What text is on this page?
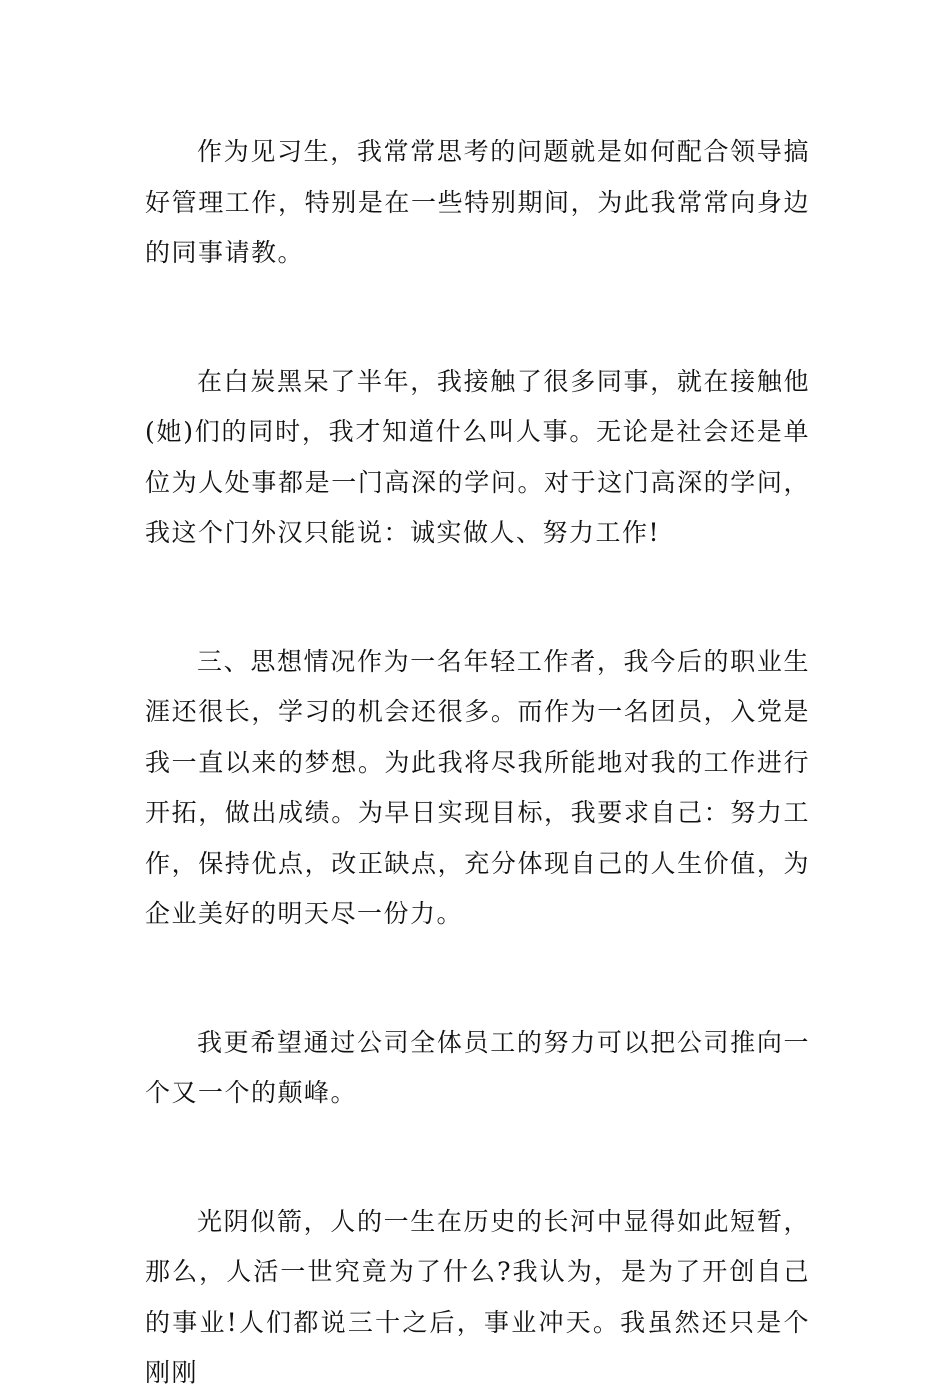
作为见习生，我常常思考的问题就是如何配合领导搞好管理工作，特别是在一些特别期间，为此我常常向身边的同事请教。

在白炭黑呆了半年，我接触了很多同事，就在接触他(她)们的同时，我才知道什么叫人事。无论是社会还是单位为人处事都是一门高深的学问。对于这门高深的学问，我这个门外汉只能说：诚实做人、努力工作!

三、思想情况作为一名年轻工作者，我今后的职业生涯还很长，学习的机会还很多。而作为一名团员，入党是我一直以来的梦想。为此我将尽我所能地对我的工作进行开拓，做出成绩。为早日实现目标，我要求自己：努力工作，保持优点，改正缺点，充分体现自己的人生价值，为企业美好的明天尽一份力。

我更希望通过公司全体员工的努力可以把公司推向一个又一个的颠峰。

光阴似箭，人的一生在历史的长河中显得如此短暂，那么，人活一世究竟为了什么?我认为，是为了开创自己的事业!人们都说三十之后，事业冲天。我虽然还只是个刚刚
